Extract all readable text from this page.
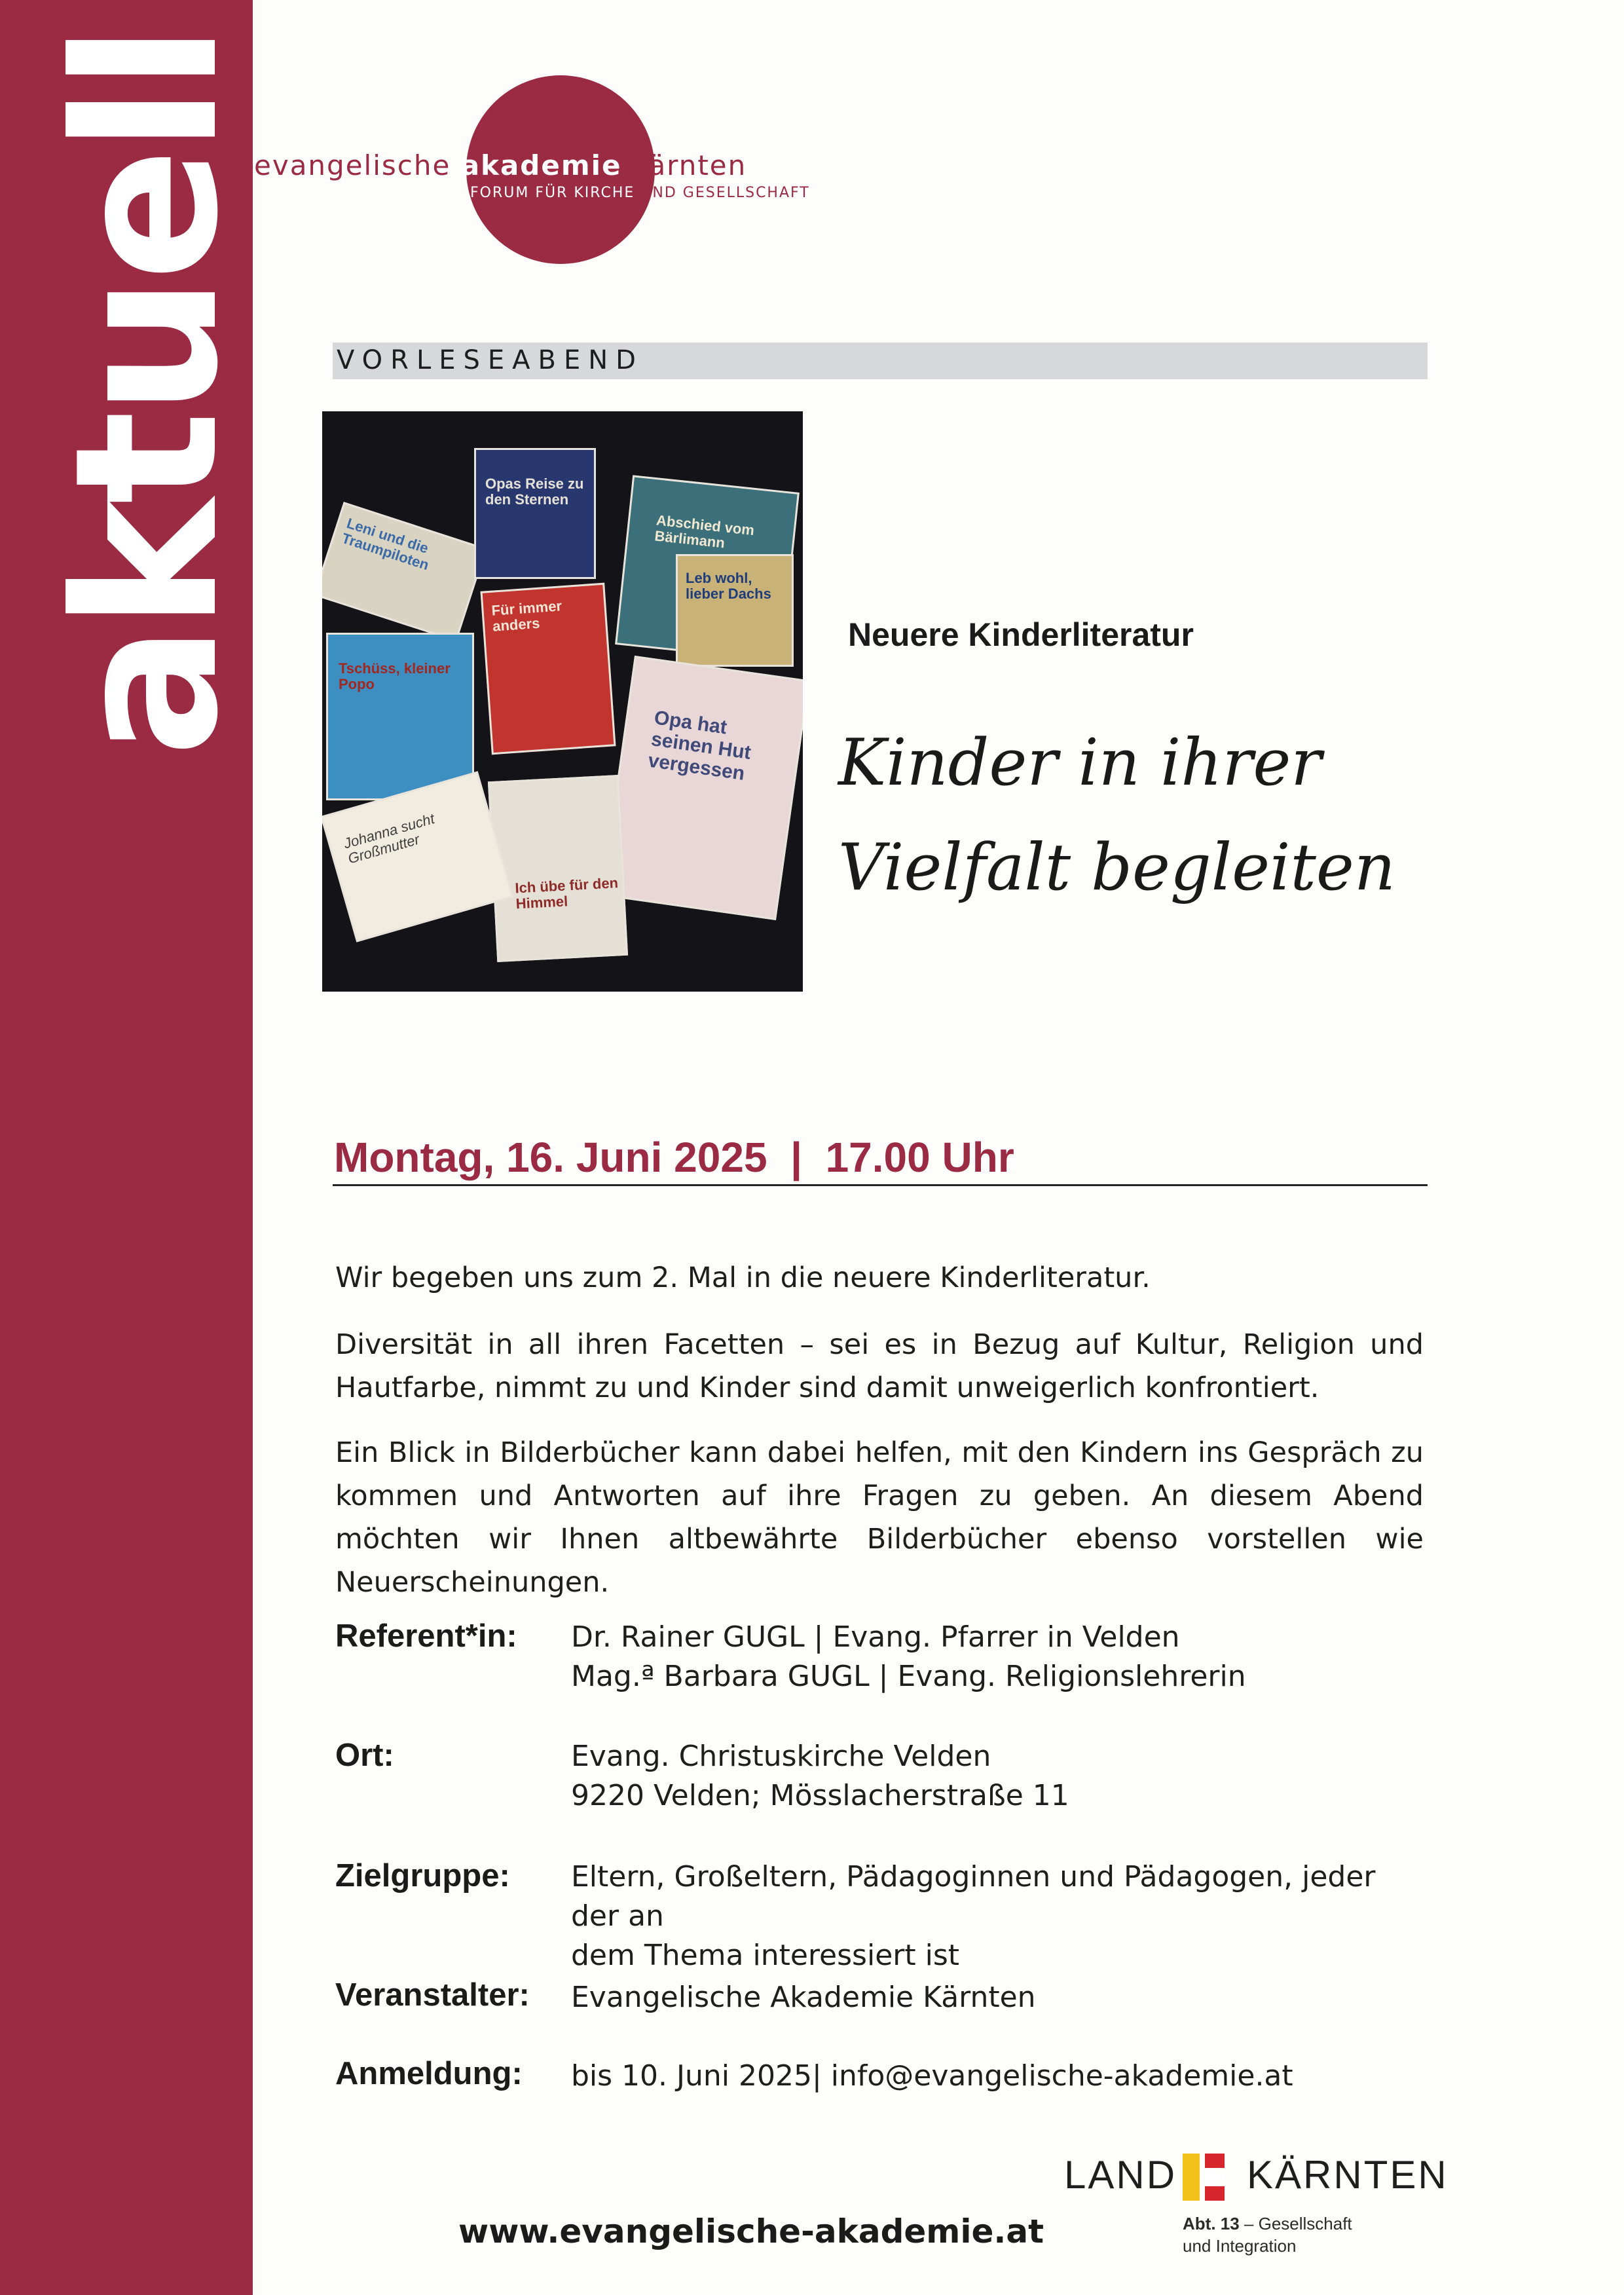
aktuell
evangelische akademie kärnten
FORUM FÜR KIRCHE UND GESELLSCHAFT
VORLESEABEND
Leni und die Traumpiloten
Opas Reise zu den Sternen
Abschied vom Bärlimann
Leb wohl, lieber Dachs
Für immer anders
Tschüss, kleiner Popo
Opa hat seinen Hut vergessen
Ich übe für den Himmel
Johanna sucht Großmutter
Neuere Kinderliteratur
Kinder in ihrer
Vielfalt begleiten
Montag, 16. Juni 2025  |  17.00 Uhr
Wir begeben uns zum 2. Mal in die neuere Kinderliteratur.
Diversität in all ihren Facetten – sei es in Bezug auf Kultur, Religion und Hautfarbe, nimmt zu und Kinder sind damit unweigerlich konfrontiert.
Ein Blick in Bilderbücher kann dabei helfen, mit den Kindern ins Gespräch zu kommen und Antworten auf ihre Fragen zu geben. An diesem Abend möchten wir Ihnen altbewährte Bilderbücher ebenso vorstellen wie Neuerscheinungen.
Referent*in: Dr. Rainer GUGL | Evang. Pfarrer in Velden
Mag.ª Barbara GUGL | Evang. Religionslehrerin
Ort:	Evang. Christuskirche Velden
9220 Velden; Mösslacherstraße 11
Zielgruppe: Eltern, Großeltern, Pädagoginnen und Pädagogen, jeder der an
dem Thema interessiert ist
Veranstalter: Evangelische Akademie Kärnten
Anmeldung: bis 10. Juni 2025| info@evangelische-akademie.at
www.evangelische-akademie.at
LAND KÄRNTEN
Abt. 13 – Gesellschaft
und Integration
